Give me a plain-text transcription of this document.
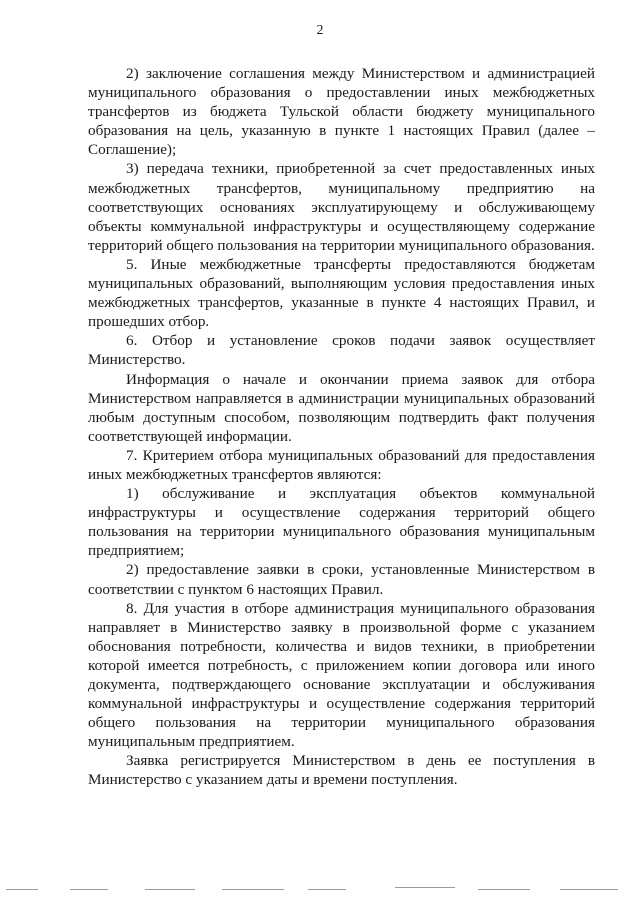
2

2) заключение соглашения между Министерством и администрацией муниципального образования о предоставлении иных межбюджетных трансфертов из бюджета Тульской области бюджету муниципального образования на цель, указанную в пункте 1 настоящих Правил (далее – Соглашение);

3) передача техники, приобретенной за счет предоставленных иных межбюджетных трансфертов, муниципальному предприятию на соответствующих основаниях эксплуатирующему и обслуживающему объекты коммунальной инфраструктуры и осуществляющему содержание территорий общего пользования на территории муниципального образования.

5. Иные межбюджетные трансферты предоставляются бюджетам муниципальных образований, выполняющим условия предоставления иных межбюджетных трансфертов, указанные в пункте 4 настоящих Правил, и прошедших отбор.

6. Отбор и установление сроков подачи заявок осуществляет Министерство.

Информация о начале и окончании приема заявок для отбора Министерством направляется в администрации муниципальных образований любым доступным способом, позволяющим подтвердить факт получения соответствующей информации.

7. Критерием отбора муниципальных образований для предоставления иных межбюджетных трансфертов являются:

1) обслуживание и эксплуатация объектов коммунальной инфраструктуры и осуществление содержания территорий общего пользования на территории муниципального образования муниципальным предприятием;

2) предоставление заявки в сроки, установленные Министерством в соответствии с пунктом 6 настоящих Правил.

8. Для участия в отборе администрация муниципального образования направляет в Министерство заявку в произвольной форме с указанием обоснования потребности, количества и видов техники, в приобретении которой имеется потребность, с приложением копии договора или иного документа, подтверждающего основание эксплуатации и обслуживания коммунальной инфраструктуры и осуществление содержания территорий общего пользования на территории муниципального образования муниципальным предприятием.

Заявка регистрируется Министерством в день ее поступления в Министерство с указанием даты и времени поступления.
